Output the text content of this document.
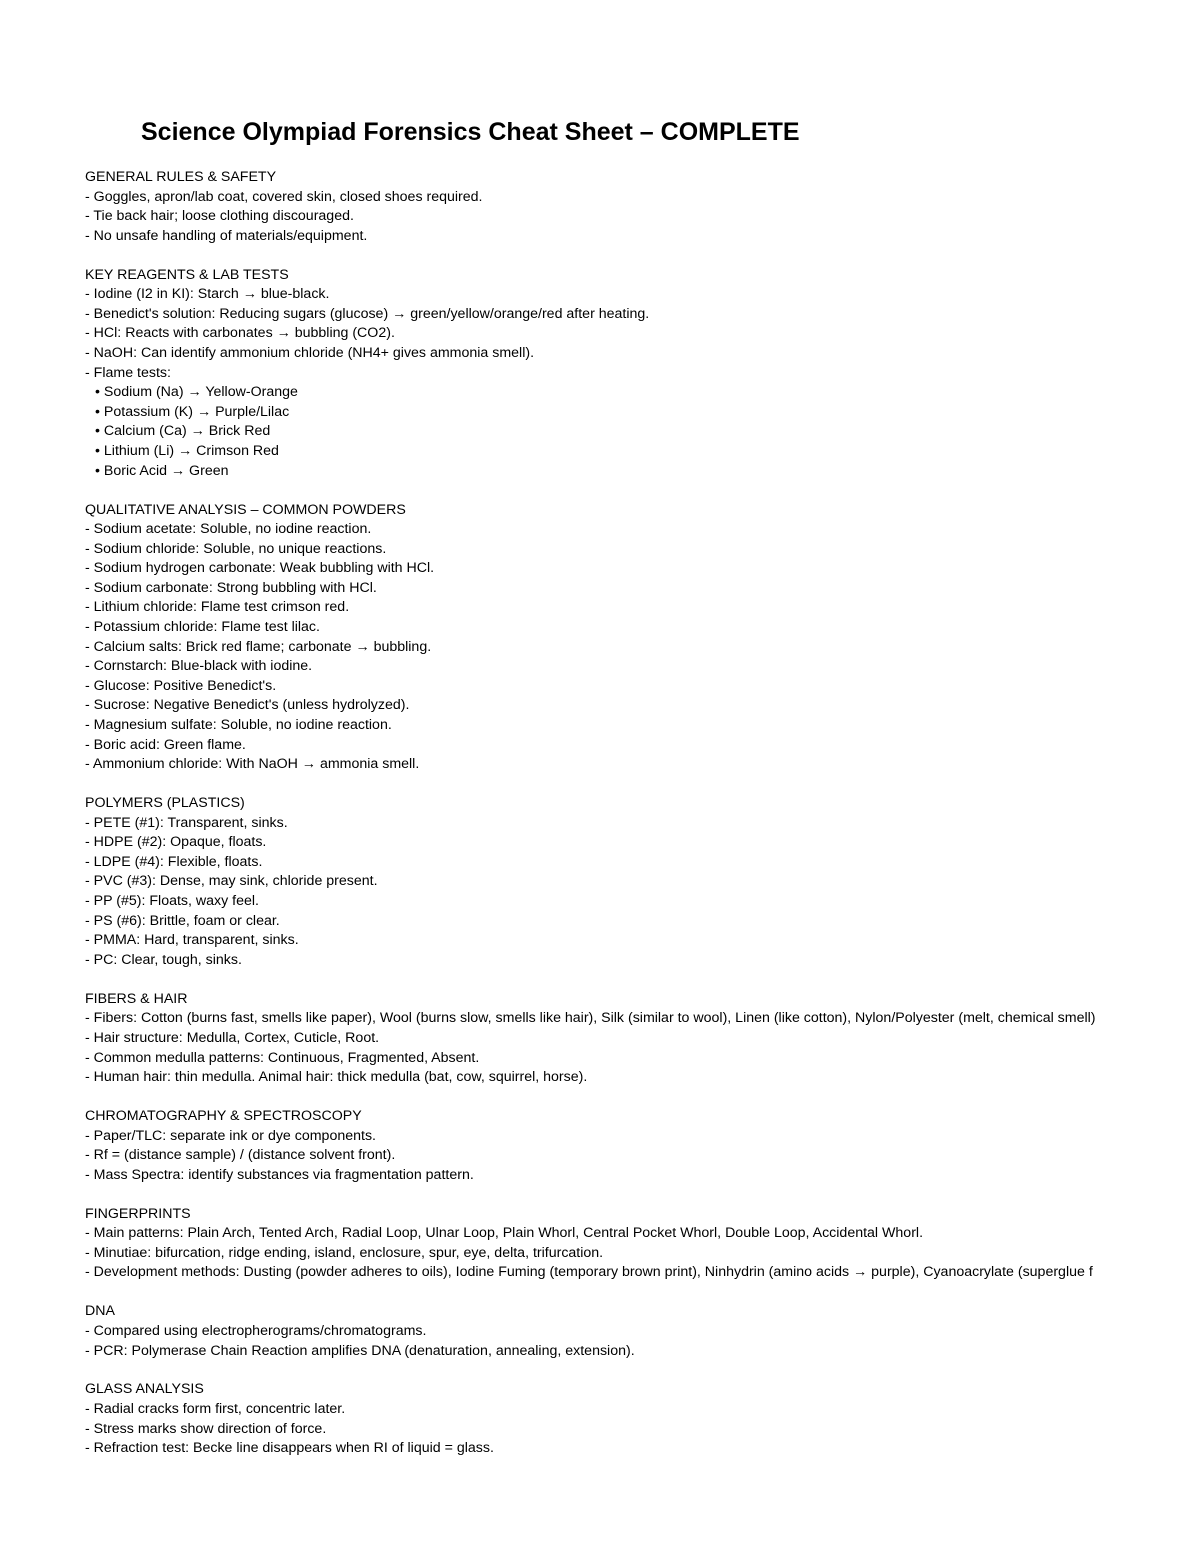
Science Olympiad Forensics Cheat Sheet – COMPLETE
GENERAL RULES & SAFETY
- Goggles, apron/lab coat, covered skin, closed shoes required.
- Tie back hair; loose clothing discouraged.
- No unsafe handling of materials/equipment.
KEY REAGENTS & LAB TESTS
- Iodine (I2 in KI): Starch → blue-black.
- Benedict's solution: Reducing sugars (glucose) → green/yellow/orange/red after heating.
- HCl: Reacts with carbonates → bubbling (CO2).
- NaOH: Can identify ammonium chloride (NH4+ gives ammonia smell).
- Flame tests:
• Sodium (Na) → Yellow-Orange
• Potassium (K) → Purple/Lilac
• Calcium (Ca) → Brick Red
• Lithium (Li) → Crimson Red
• Boric Acid → Green
QUALITATIVE ANALYSIS – COMMON POWDERS
- Sodium acetate: Soluble, no iodine reaction.
- Sodium chloride: Soluble, no unique reactions.
- Sodium hydrogen carbonate: Weak bubbling with HCl.
- Sodium carbonate: Strong bubbling with HCl.
- Lithium chloride: Flame test crimson red.
- Potassium chloride: Flame test lilac.
- Calcium salts: Brick red flame; carbonate → bubbling.
- Cornstarch: Blue-black with iodine.
- Glucose: Positive Benedict's.
- Sucrose: Negative Benedict's (unless hydrolyzed).
- Magnesium sulfate: Soluble, no iodine reaction.
- Boric acid: Green flame.
- Ammonium chloride: With NaOH → ammonia smell.
POLYMERS (PLASTICS)
- PETE (#1): Transparent, sinks.
- HDPE (#2): Opaque, floats.
- LDPE (#4): Flexible, floats.
- PVC (#3): Dense, may sink, chloride present.
- PP (#5): Floats, waxy feel.
- PS (#6): Brittle, foam or clear.
- PMMA: Hard, transparent, sinks.
- PC: Clear, tough, sinks.
FIBERS & HAIR
- Fibers: Cotton (burns fast, smells like paper), Wool (burns slow, smells like hair), Silk (similar to wool), Linen (like cotton), Nylon/Polyester (melt, chemical smell)
- Hair structure: Medulla, Cortex, Cuticle, Root.
- Common medulla patterns: Continuous, Fragmented, Absent.
- Human hair: thin medulla. Animal hair: thick medulla (bat, cow, squirrel, horse).
CHROMATOGRAPHY & SPECTROSCOPY
- Paper/TLC: separate ink or dye components.
- Rf = (distance sample) / (distance solvent front).
- Mass Spectra: identify substances via fragmentation pattern.
FINGERPRINTS
- Main patterns: Plain Arch, Tented Arch, Radial Loop, Ulnar Loop, Plain Whorl, Central Pocket Whorl, Double Loop, Accidental Whorl.
- Minutiae: bifurcation, ridge ending, island, enclosure, spur, eye, delta, trifurcation.
- Development methods: Dusting (powder adheres to oils), Iodine Fuming (temporary brown print), Ninhydrin (amino acids → purple), Cyanoacrylate (superglue f
DNA
- Compared using electropherograms/chromatograms.
- PCR: Polymerase Chain Reaction amplifies DNA (denaturation, annealing, extension).
GLASS ANALYSIS
- Radial cracks form first, concentric later.
- Stress marks show direction of force.
- Refraction test: Becke line disappears when RI of liquid = glass.
